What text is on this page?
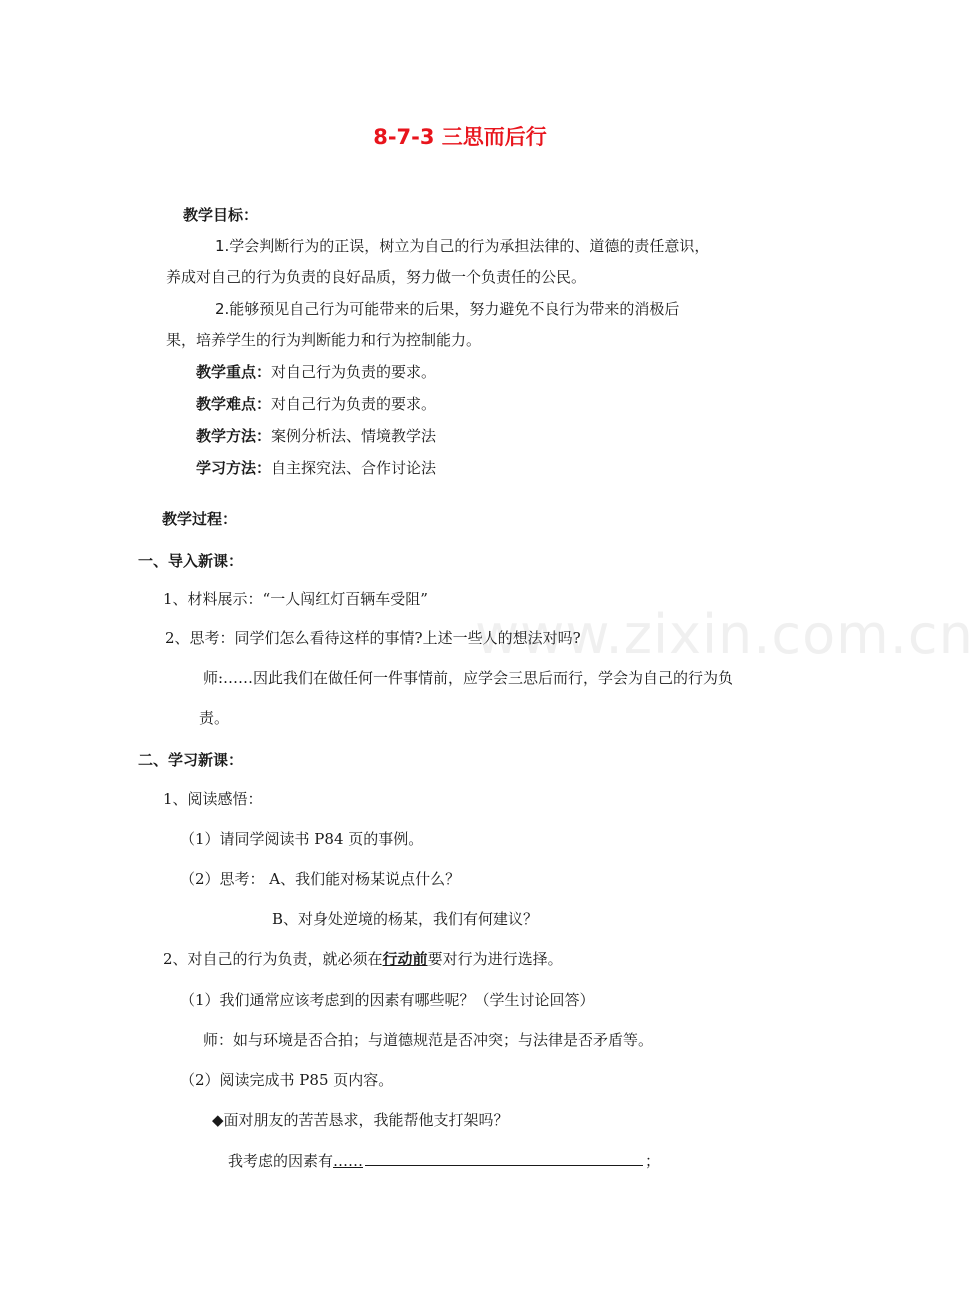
www.zixin.com.cn
8-7-3 三思而后行
教学目标：
1.学会判断行为的正误，树立为自己的行为承担法律的、道德的责任意识，
养成对自己的行为负责的良好品质，努力做一个负责任的公民。
2.能够预见自己行为可能带来的后果，努力避免不良行为带来的消极后
果，培养学生的行为判断能力和行为控制能力。
教学重点：对自己行为负责的要求。
教学难点：对自己行为负责的要求。
教学方法：案例分析法、情境教学法
学习方法：自主探究法、合作讨论法
教学过程：
一、导入新课：
1、材料展示：“一人闯红灯百辆车受阻”
2、思考：同学们怎么看待这样的事情?上述一些人的想法对吗?
师:……因此我们在做任何一件事情前，应学会三思后而行，学会为自己的行为负
责。
二、学习新课：
1、阅读感悟：
（1）请同学阅读书 P84 页的事例。
（2）思考： A、我们能对杨某说点什么？
B、对身处逆境的杨某，我们有何建议？
2、对自己的行为负责，就必须在行动前要对行为进行选择。
（1）我们通常应该考虑到的因素有哪些呢？（学生讨论回答）
师：如与环境是否合拍；与道德规范是否冲突；与法律是否矛盾等。
（2）阅读完成书 P85 页内容。
◆面对朋友的苦苦恳求，我能帮他支打架吗？
我考虑的因素有……	；
